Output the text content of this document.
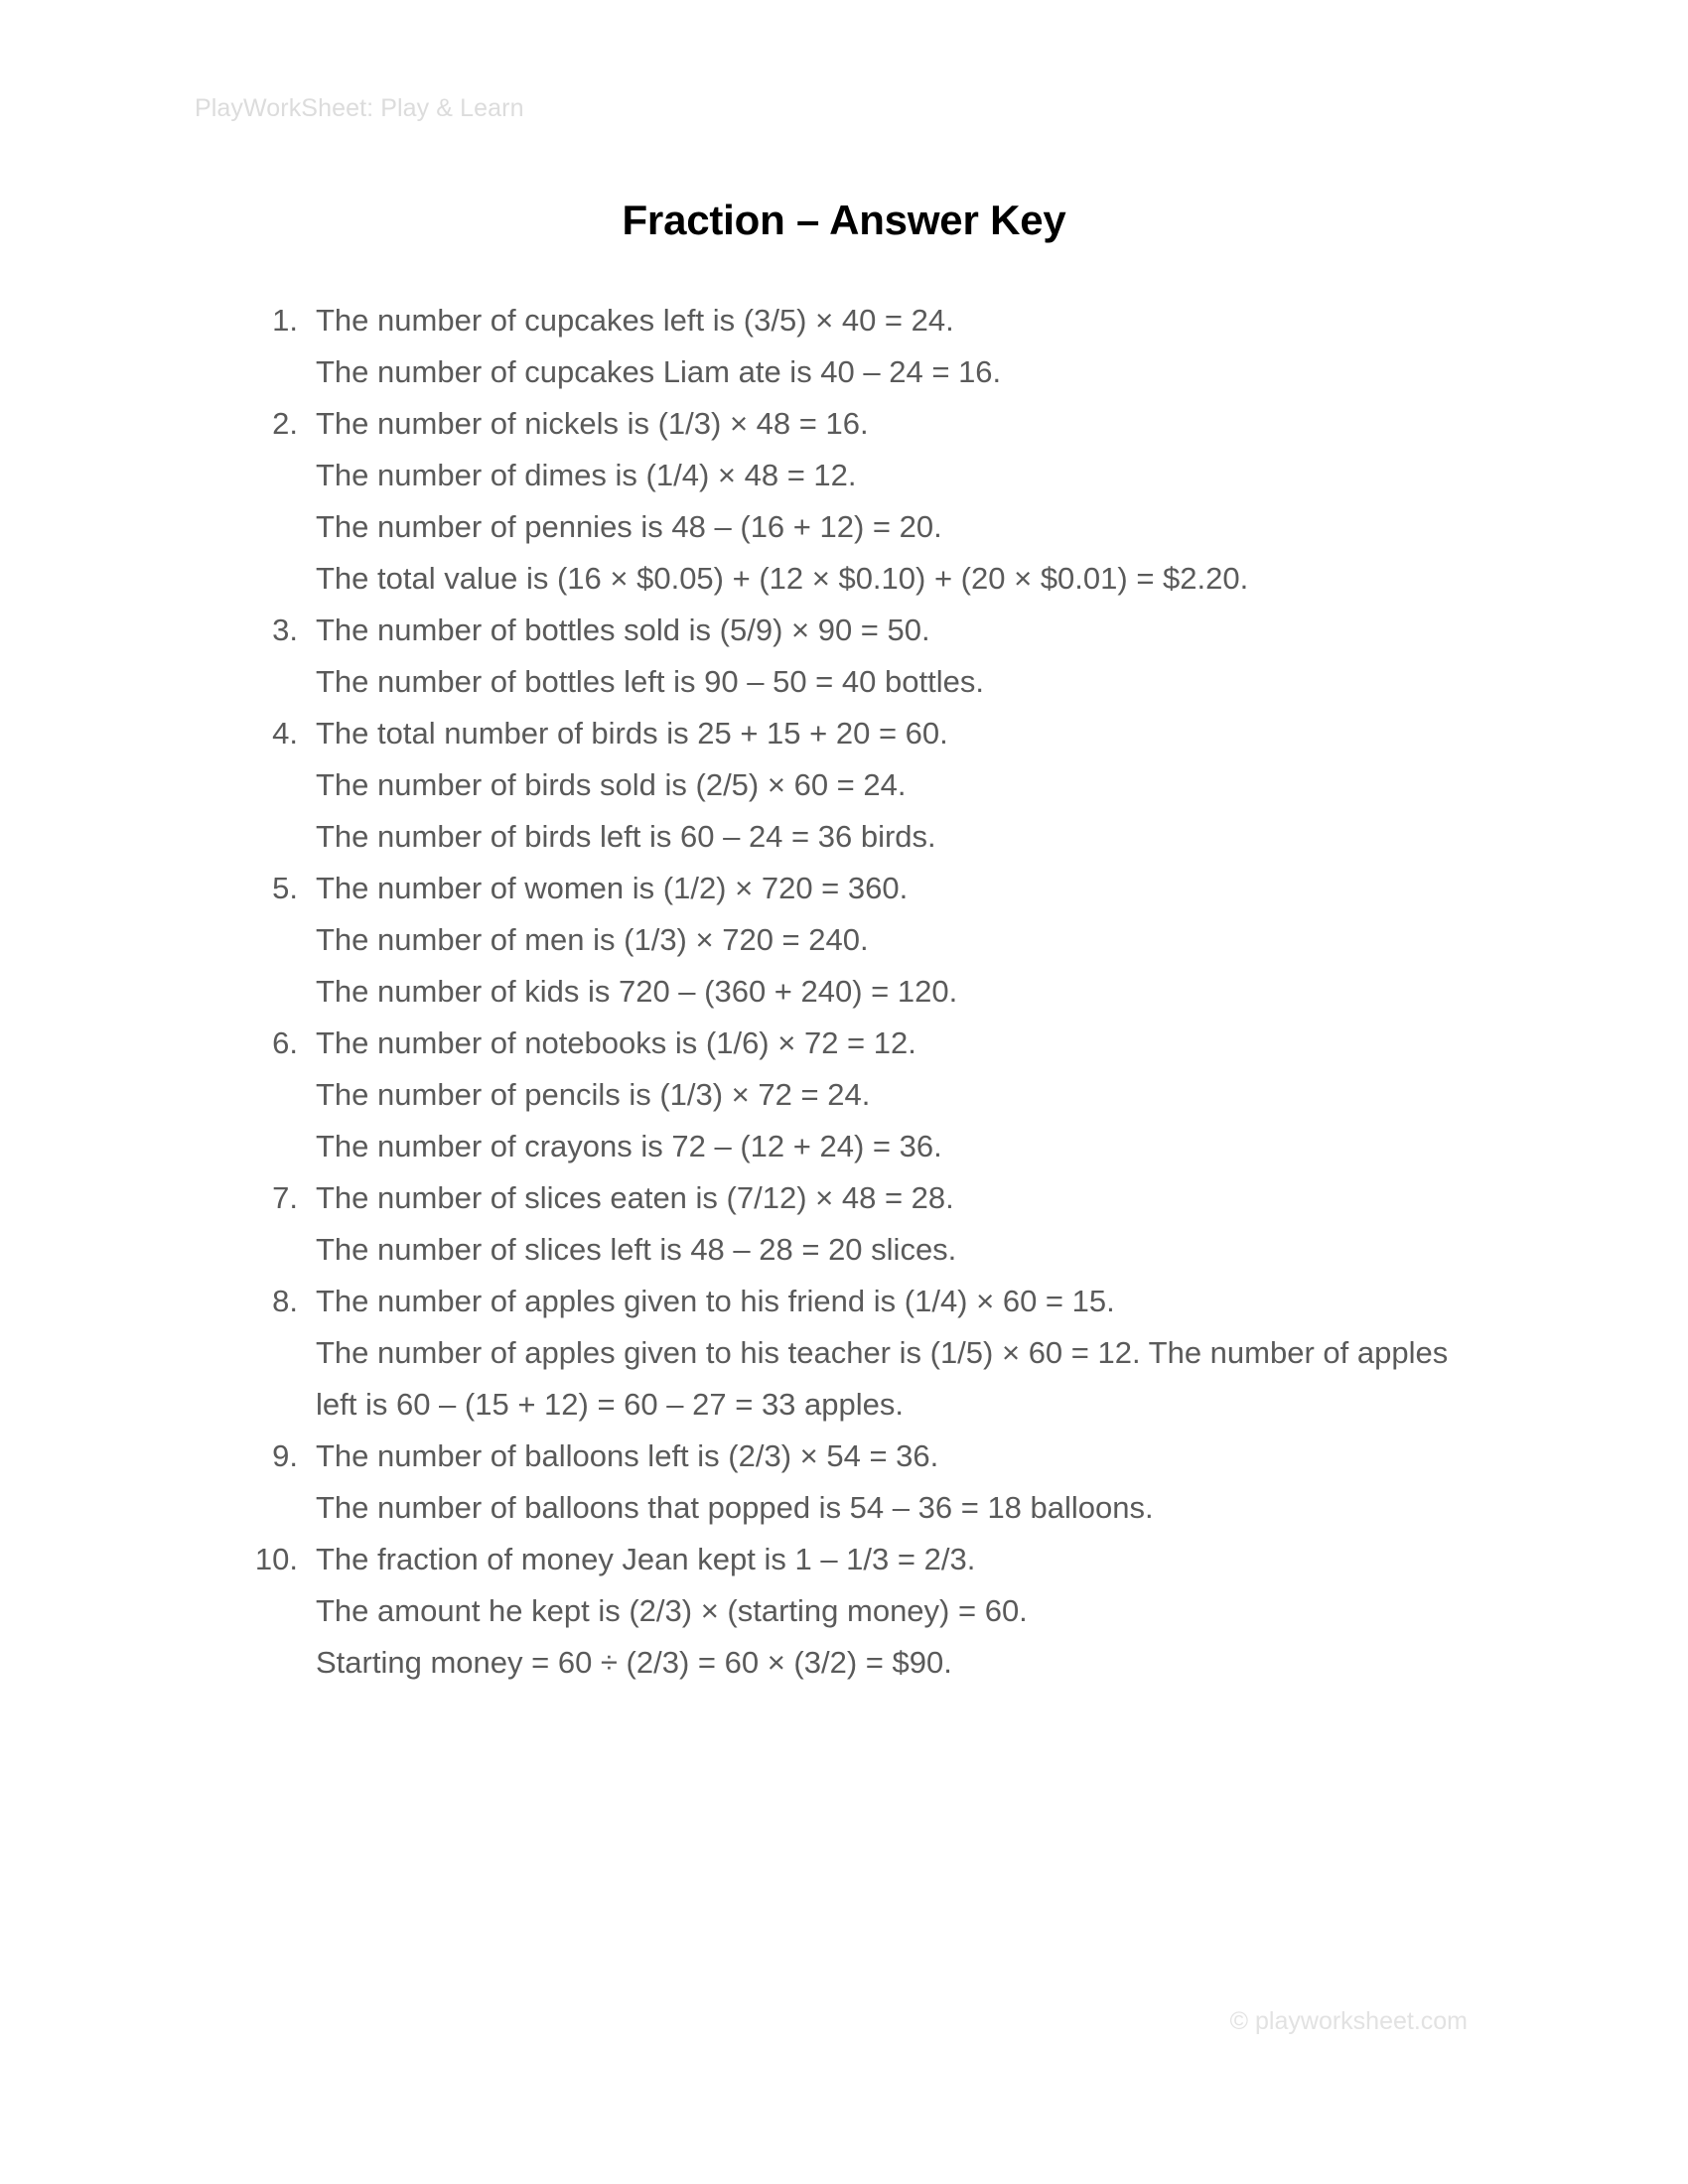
PlayWorkSheet: Play & Learn
Fraction – Answer Key
1. The number of cupcakes left is (3/5) × 40 = 24.
The number of cupcakes Liam ate is 40 – 24 = 16.
2. The number of nickels is (1/3) × 48 = 16.
The number of dimes is (1/4) × 48 = 12.
The number of pennies is 48 – (16 + 12) = 20.
The total value is (16 × $0.05) + (12 × $0.10) + (20 × $0.01) = $2.20.
3. The number of bottles sold is (5/9) × 90 = 50.
The number of bottles left is 90 – 50 = 40 bottles.
4. The total number of birds is 25 + 15 + 20 = 60.
The number of birds sold is (2/5) × 60 = 24.
The number of birds left is 60 – 24 = 36 birds.
5. The number of women is (1/2) × 720 = 360.
The number of men is (1/3) × 720 = 240.
The number of kids is 720 – (360 + 240) = 120.
6. The number of notebooks is (1/6) × 72 = 12.
The number of pencils is (1/3) × 72 = 24.
The number of crayons is 72 – (12 + 24) = 36.
7. The number of slices eaten is (7/12) × 48 = 28.
The number of slices left is 48 – 28 = 20 slices.
8. The number of apples given to his friend is (1/4) × 60 = 15.
The number of apples given to his teacher is (1/5) × 60 = 12. The number of apples left is 60 – (15 + 12) = 60 – 27 = 33 apples.
9. The number of balloons left is (2/3) × 54 = 36.
The number of balloons that popped is 54 – 36 = 18 balloons.
10. The fraction of money Jean kept is 1 – 1/3 = 2/3.
The amount he kept is (2/3) × (starting money) = 60.
Starting money = 60 ÷ (2/3) = 60 × (3/2) = $90.
© playworksheet.com
